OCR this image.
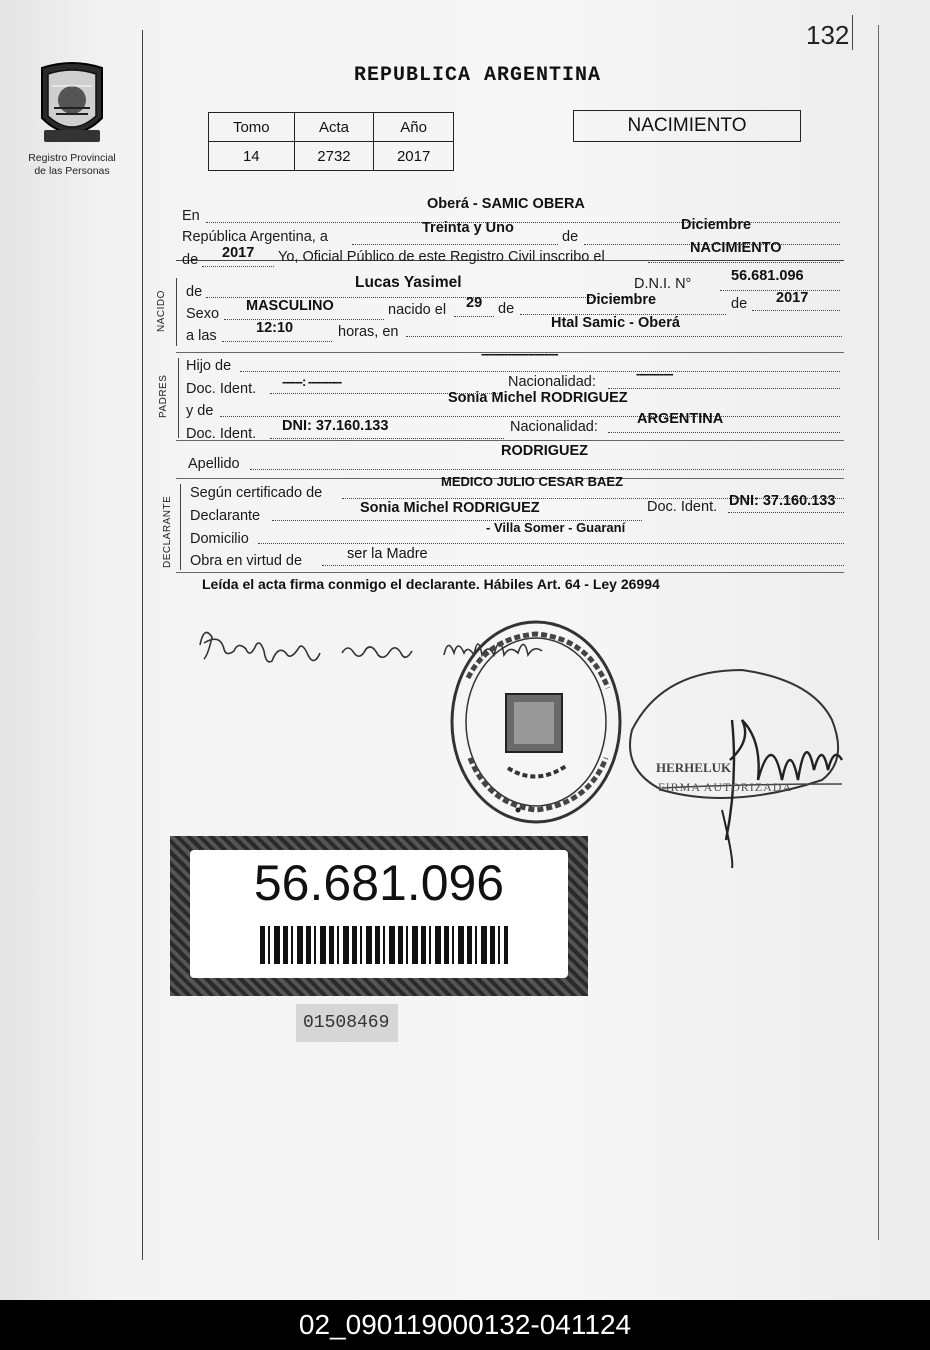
132
Registro Provincial
de las Personas
REPUBLICA ARGENTINA
Tomo	Acta	Año
14	2732	2017
NACIMIENTO
NACIDO
PADRES
DECLARANTE
En
Oberá - SAMIC OBERA
República Argentina, a
Treinta y Uno
de
Diciembre
de 2017 Yo, Oficial Público de este Registro Civil inscribo el
NACIMIENTO
de
Lucas Yasimel	D.N.I. N°	56.681.096
Sexo MASCULINO	nacido el 29 de
Diciembre	de 2017
a las	12:10	horas, en
Htal Samic - Oberá
Hijo de
-----------------------
Doc. Ident. ------: ----------	Nacionalidad:
-----------
y de
Sonia Michel RODRIGUEZ
Doc. Ident. DNI: 37.160.133	Nacionalidad:	ARGENTINA
Apellido
RODRIGUEZ
Según certificado de
MEDICO JULIO CESAR BAEZ
Declarante	Sonia Michel RODRIGUEZ	Doc. Ident. DNI: 37.160.133
Domicilio
- Villa Somer - Guaraní
Obra en virtud de	ser la Madre
Leída el acta firma conmigo el declarante. Hábiles Art. 64 - Ley 26994
HERHELUK
FIRMA AUTORIZADA
56.681.096
01508469
02_090119000132-041124
